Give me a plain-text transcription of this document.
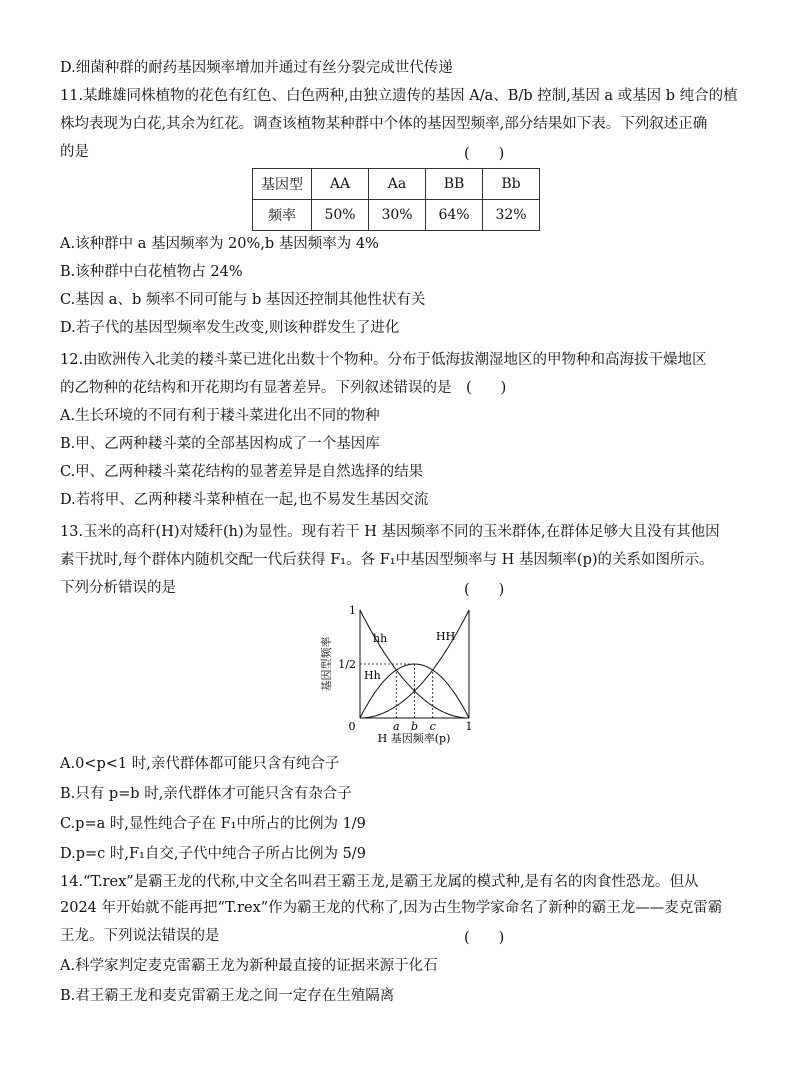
D.细菌种群的耐药基因频率增加并通过有丝分裂完成世代传递
11.某雌雄同株植物的花色有红色、白色两种,由独立遗传的基因 A/a、B/b 控制,基因 a 或基因 b 纯合的植
株均表现为白花,其余为红花。调查该植物某种群中个体的基因型频率,部分结果如下表。下列叙述正确
的是	(　　)
基因型	AA	Aa	BB	Bb
频率	50%	30%	64%	32%
A.该种群中 a 基因频率为 20%,b 基因频率为 4%
B.该种群中白花植物占 24%
C.基因 a、b 频率不同可能与 b 基因还控制其他性状有关
D.若子代的基因型频率发生改变,则该种群发生了进化
12.由欧洲传入北美的耧斗菜已进化出数十个物种。分布于低海拔潮湿地区的甲物种和高海拔干燥地区
的乙物种的花结构和开花期均有显著差异。下列叙述错误的是　(　　)
A.生长环境的不同有利于耧斗菜进化出不同的物种
B.甲、乙两种耧斗菜的全部基因构成了一个基因库
C.甲、乙两种耧斗菜花结构的显著差异是自然选择的结果
D.若将甲、乙两种耧斗菜种植在一起,也不易发生基因交流
13.玉米的高秆(H)对矮秆(h)为显性。现有若干 H 基因频率不同的玉米群体,在群体足够大且没有其他因
素干扰时,每个群体内随机交配一代后获得 F₁。各 F₁中基因型频率与 H 基因频率(p)的关系如图所示。
下列分析错误的是	(　　)
0	a b c	1
1/2
1
hh	HH
Hh
基因型频率
H 基因频率(p)
A.0<p<1 时,亲代群体都可能只含有纯合子
B.只有 p=b 时,亲代群体才可能只含有杂合子
C.p=a 时,显性纯合子在 F₁中所占的比例为 1/9
D.p=c 时,F₁自交,子代中纯合子所占比例为 5/9
14.“T.rex”是霸王龙的代称,中文全名叫君王霸王龙,是霸王龙属的模式种,是有名的肉食性恐龙。但从
2024 年开始就不能再把“T.rex”作为霸王龙的代称了,因为古生物学家命名了新种的霸王龙——麦克雷霸
王龙。下列说法错误的是	(　　)
A.科学家判定麦克雷霸王龙为新种最直接的证据来源于化石
B.君王霸王龙和麦克雷霸王龙之间一定存在生殖隔离
